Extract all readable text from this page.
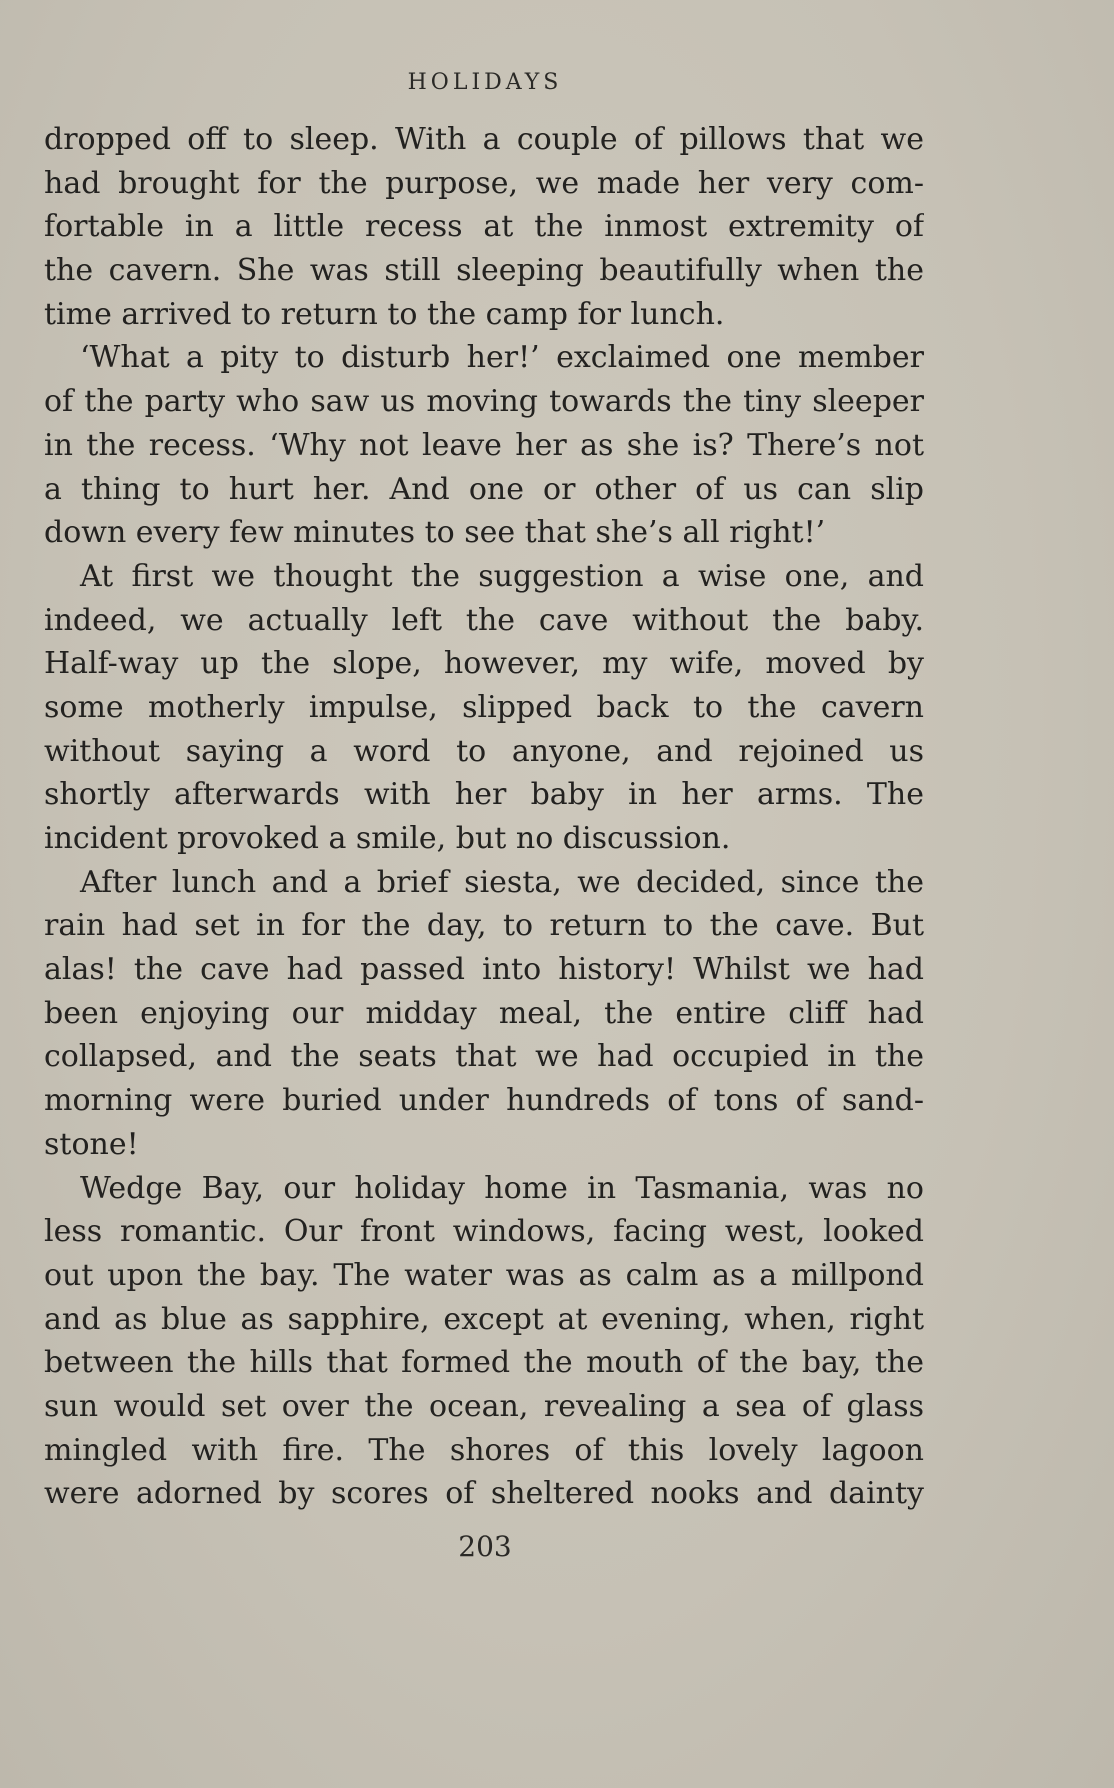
HOLIDAYS
dropped off to sleep. With a couple of pillows that we
had brought for the purpose, we made her very com-
fortable in a little recess at the inmost extremity of
the cavern. She was still sleeping beautifully when the
time arrived to return to the camp for lunch.
‘What a pity to disturb her!’ exclaimed one member
of the party who saw us moving towards the tiny sleeper
in the recess. ‘Why not leave her as she is? There’s not
a thing to hurt her. And one or other of us can slip
down every few minutes to see that she’s all right!’
At first we thought the suggestion a wise one, and
indeed, we actually left the cave without the baby.
Half-way up the slope, however, my wife, moved by
some motherly impulse, slipped back to the cavern
without saying a word to anyone, and rejoined us
shortly afterwards with her baby in her arms. The
incident provoked a smile, but no discussion.
After lunch and a brief siesta, we decided, since the
rain had set in for the day, to return to the cave. But
alas! the cave had passed into history! Whilst we had
been enjoying our midday meal, the entire cliff had
collapsed, and the seats that we had occupied in the
morning were buried under hundreds of tons of sand-
stone!
Wedge Bay, our holiday home in Tasmania, was no
less romantic. Our front windows, facing west, looked
out upon the bay. The water was as calm as a millpond
and as blue as sapphire, except at evening, when, right
between the hills that formed the mouth of the bay, the
sun would set over the ocean, revealing a sea of glass
mingled with fire. The shores of this lovely lagoon
were adorned by scores of sheltered nooks and dainty
203
